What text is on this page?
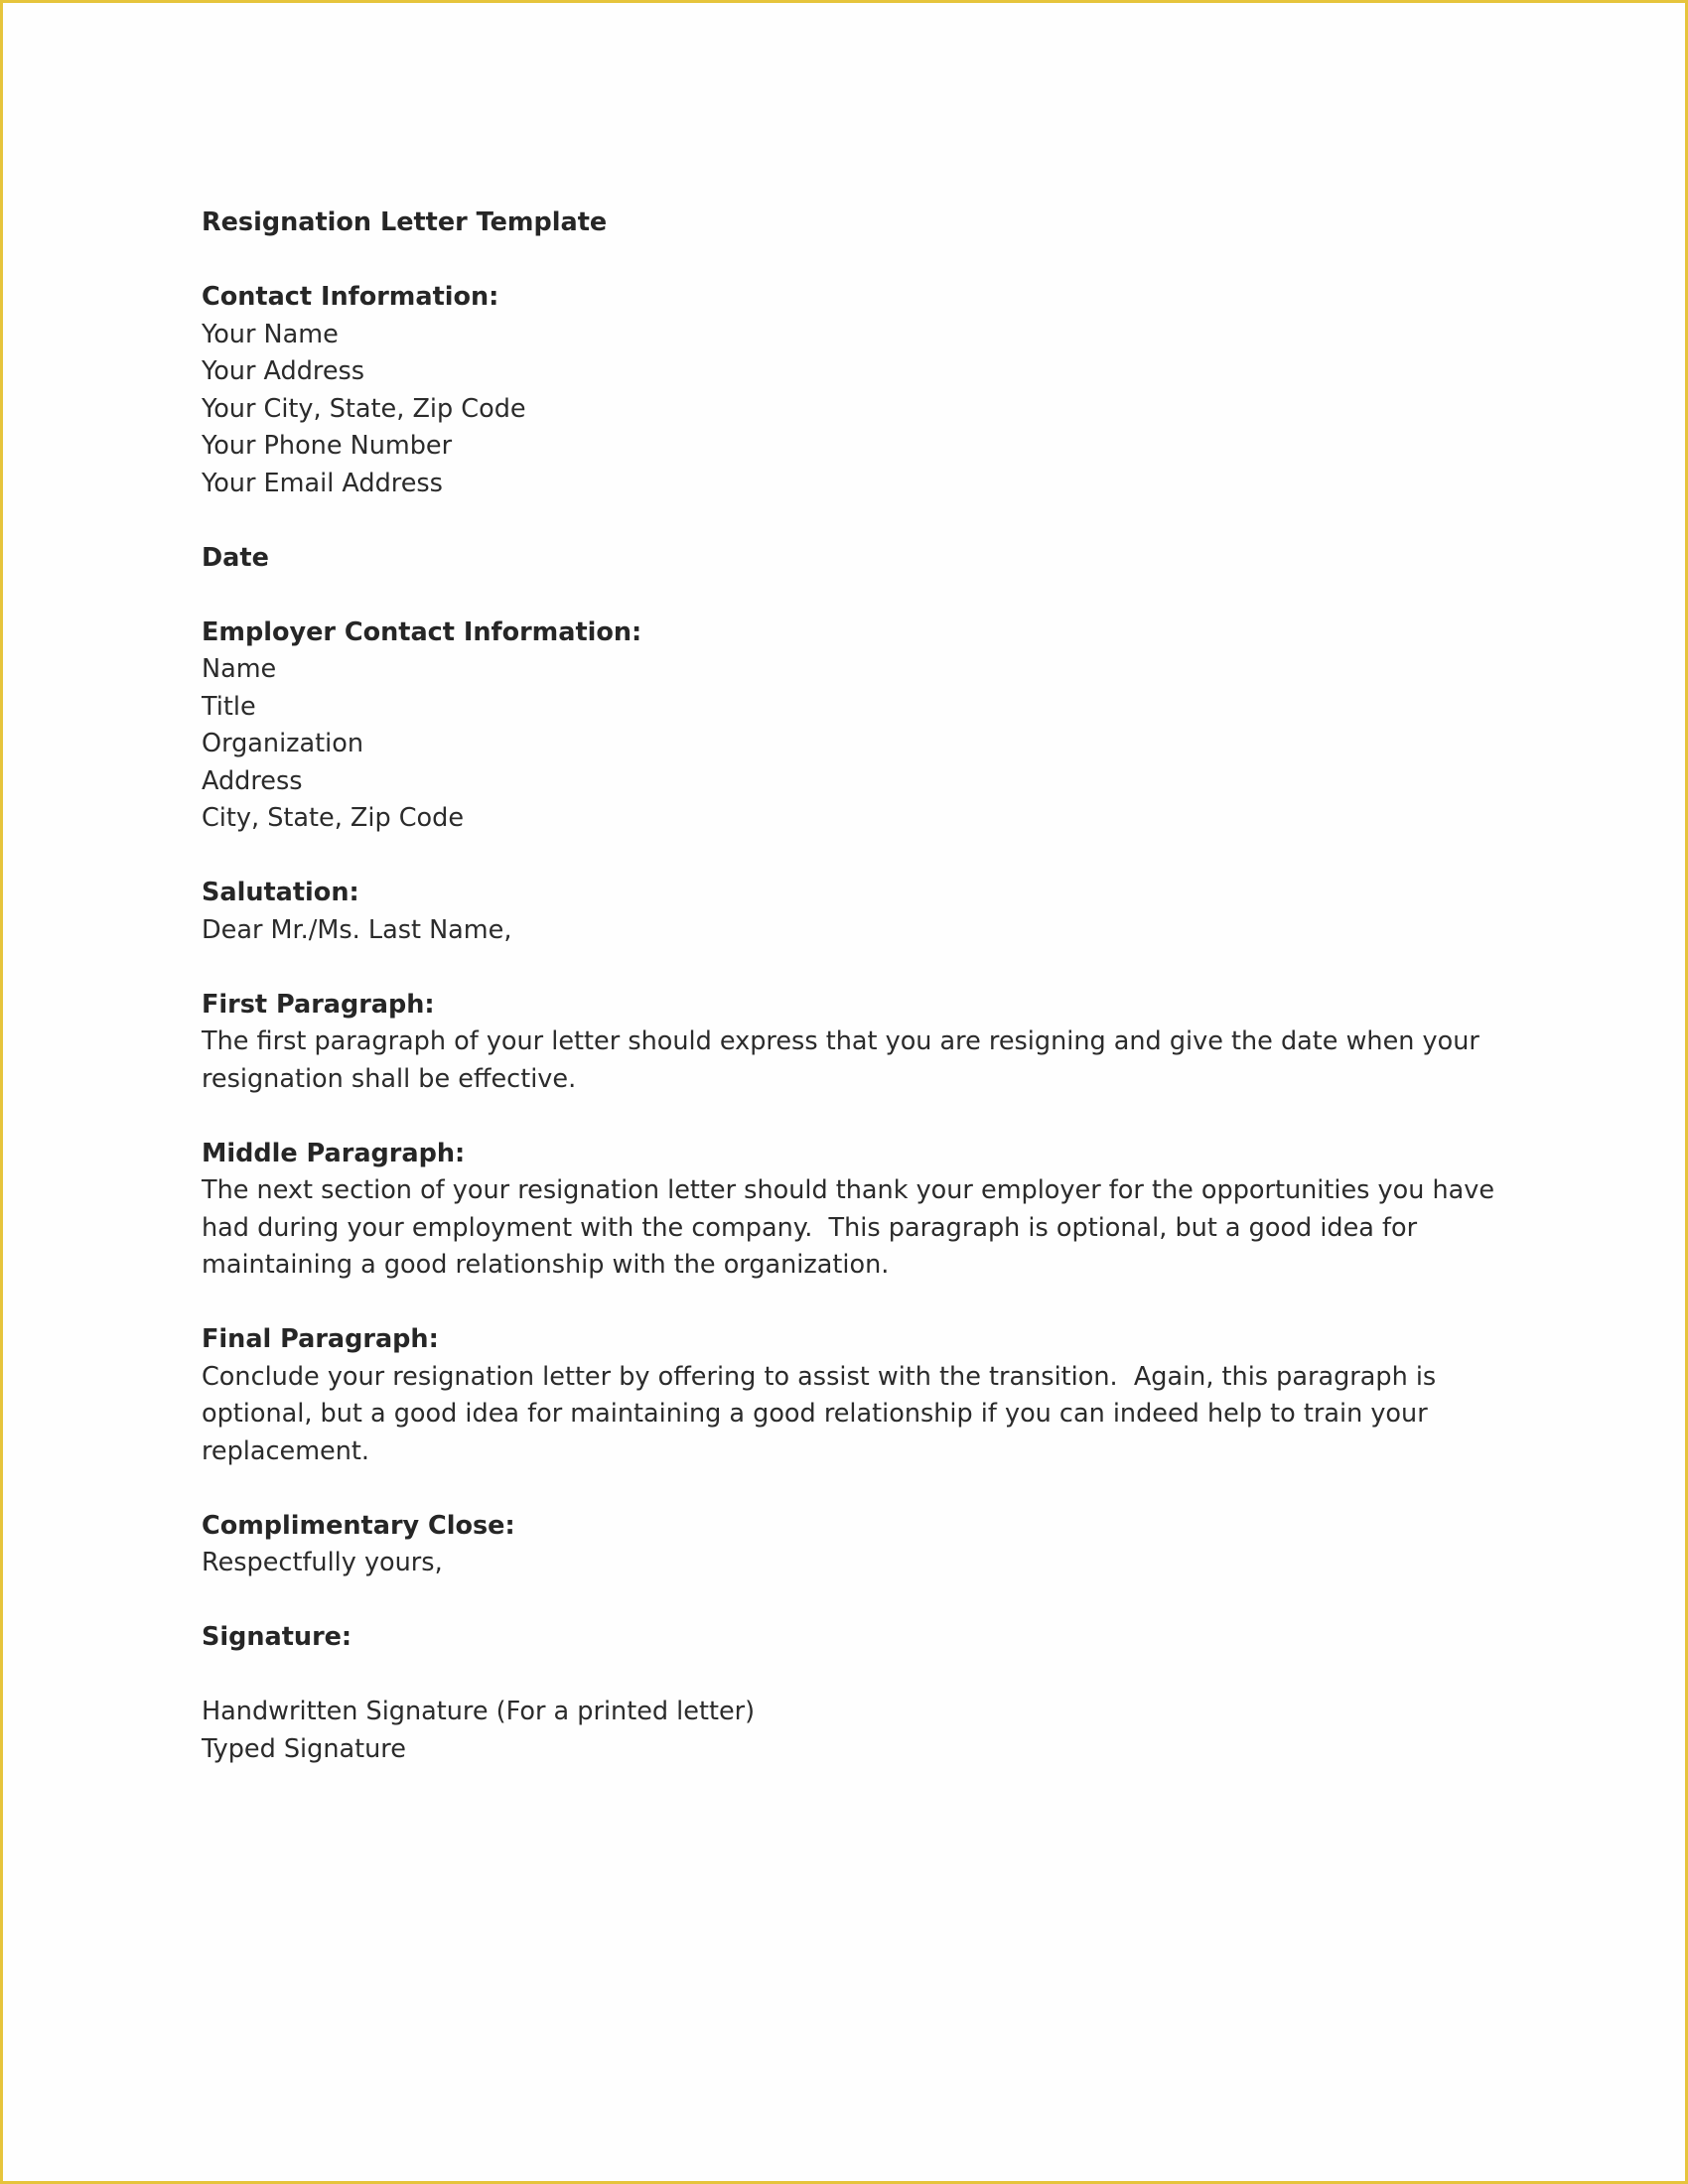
Resignation Letter Template
Contact Information:
Your Name
Your Address
Your City, State, Zip Code
Your Phone Number
Your Email Address
Date
Employer Contact Information:
Name
Title
Organization
Address
City, State, Zip Code
Salutation:
Dear Mr./Ms. Last Name,
First Paragraph:
The first paragraph of your letter should express that you are resigning and give the date when your
resignation shall be effective.
Middle Paragraph:
The next section of your resignation letter should thank your employer for the opportunities you have
had during your employment with the company.  This paragraph is optional, but a good idea for
maintaining a good relationship with the organization.
Final Paragraph:
Conclude your resignation letter by offering to assist with the transition.  Again, this paragraph is
optional, but a good idea for maintaining a good relationship if you can indeed help to train your
replacement.
Complimentary Close:
Respectfully yours,
Signature:
Handwritten Signature (For a printed letter)
Typed Signature
